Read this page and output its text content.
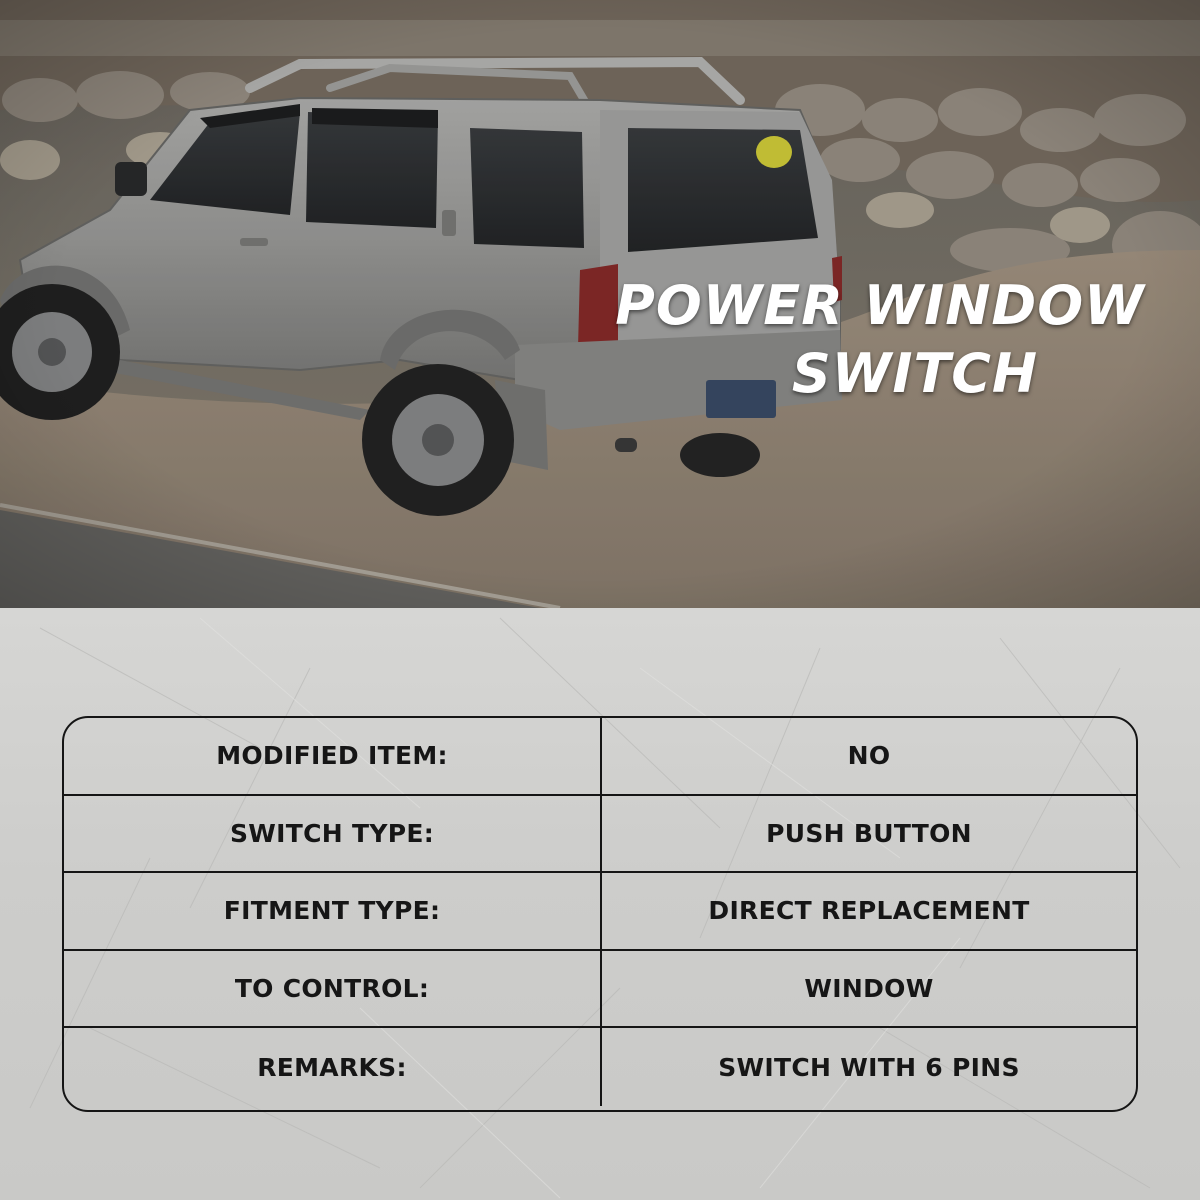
POWER WINDOW
SWITCH
MODIFIED ITEM:	NO
SWITCH TYPE:	PUSH BUTTON
FITMENT TYPE:	DIRECT REPLACEMENT
TO CONTROL:	WINDOW
REMARKS:	SWITCH WITH 6 PINS
